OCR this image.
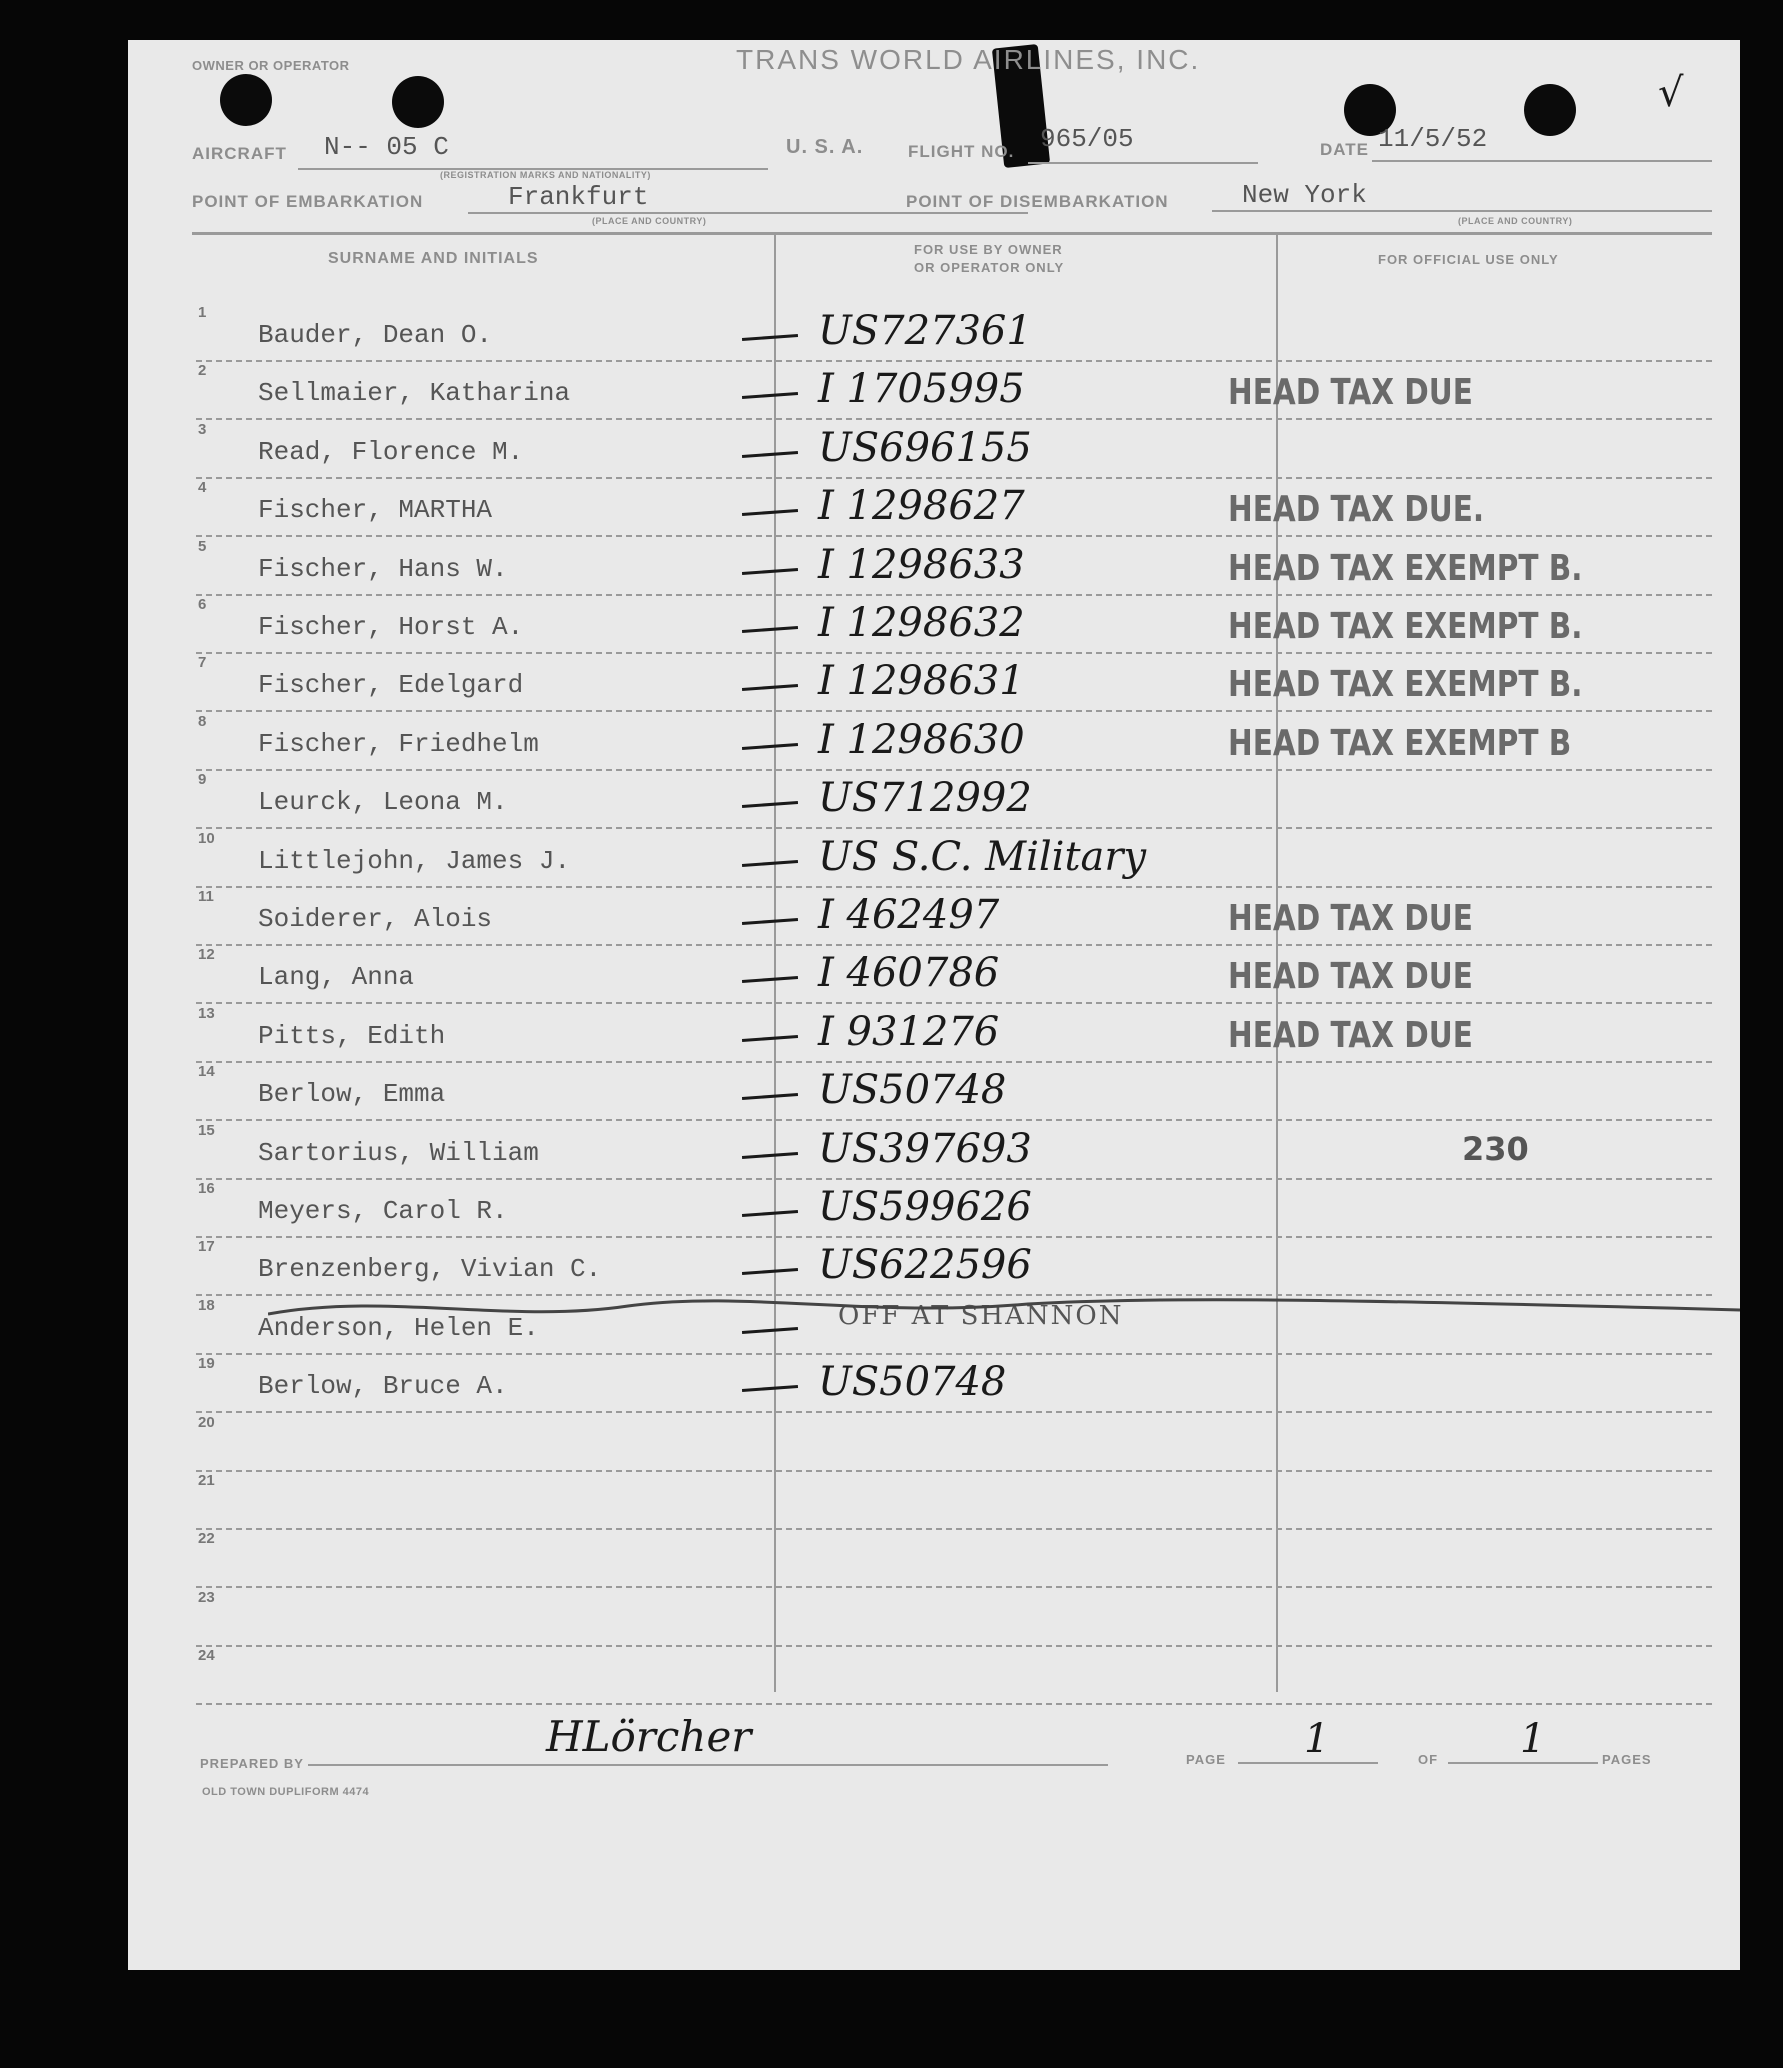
OWNER OR OPERATOR	TRANS WORLD AIRLINES, INC.
√
AIRCRAFT N-- 05 C
(REGISTRATION MARKS AND NATIONALITY)
U. S. A.	FLIGHT NO. 965/05	DATE 11/5/52
POINT OF EMBARKATION	Frankfurt
(PLACE AND COUNTRY)
POINT OF DISEMBARKATION	New York
(PLACE AND COUNTRY)
SURNAME AND INITIALS
FOR USE BY OWNER
OR OPERATOR ONLY
FOR OFFICIAL USE ONLY
1
Bauder, Dean O.	US727361
2
Sellmaier, Katharina	I 1705995	HEAD TAX DUE
3
Read, Florence M.	US696155
4
Fischer, MARTHA	I 1298627	HEAD TAX DUE.
5
Fischer, Hans W.	I 1298633	HEAD TAX EXEMPT B.
6
Fischer, Horst A.	I 1298632	HEAD TAX EXEMPT B.
7
Fischer, Edelgard	I 1298631	HEAD TAX EXEMPT B.
8
Fischer, Friedhelm	I 1298630	HEAD TAX EXEMPT B
9
Leurck, Leona M.	US712992
10
Littlejohn, James J.	US S.C. Military
11
Soiderer, Alois	I 462497	HEAD TAX DUE
12
Lang, Anna	I 460786	HEAD TAX DUE
13
Pitts, Edith	I 931276	HEAD TAX DUE
14
Berlow, Emma	US50748
15
Sartorius, William	US397693	230
16
Meyers, Carol R.	US599626
17
Brenzenberg, Vivian C.	US622596
18
Anderson, Helen E.	OFF AT SHANNON
19
Berlow, Bruce A.	US50748
20
21
22
23
24
PREPARED BY
HLörcher	PAGE 1	OF 1	PAGES
OLD TOWN DUPLIFORM 4474
